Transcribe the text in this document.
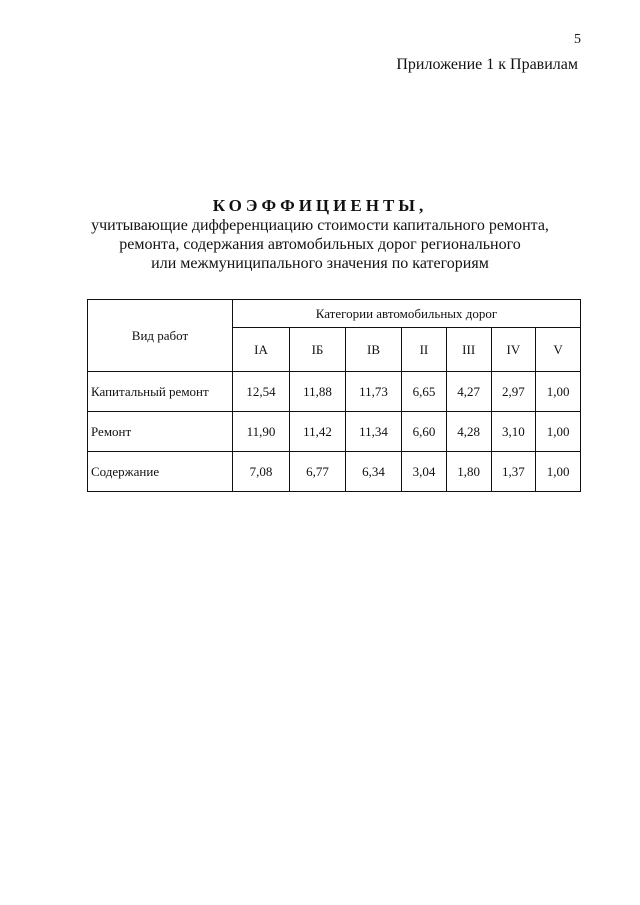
5
Приложение 1 к Правилам
КОЭФФИЦИЕНТЫ,
учитывающие дифференциацию стоимости капитального ремонта,
ремонта, содержания автомобильных дорог регионального
или межмуниципального значения по категориям
Вид работ	Категории автомобильных дорог						
	IA	IБ	IB	II	III	IV	V
Капитальный ремонт	12,54	11,88	11,73	6,65	4,27	2,97	1,00
Ремонт	11,90	11,42	11,34	6,60	4,28	3,10	1,00
Содержание	7,08	6,77	6,34	3,04	1,80	1,37	1,00
